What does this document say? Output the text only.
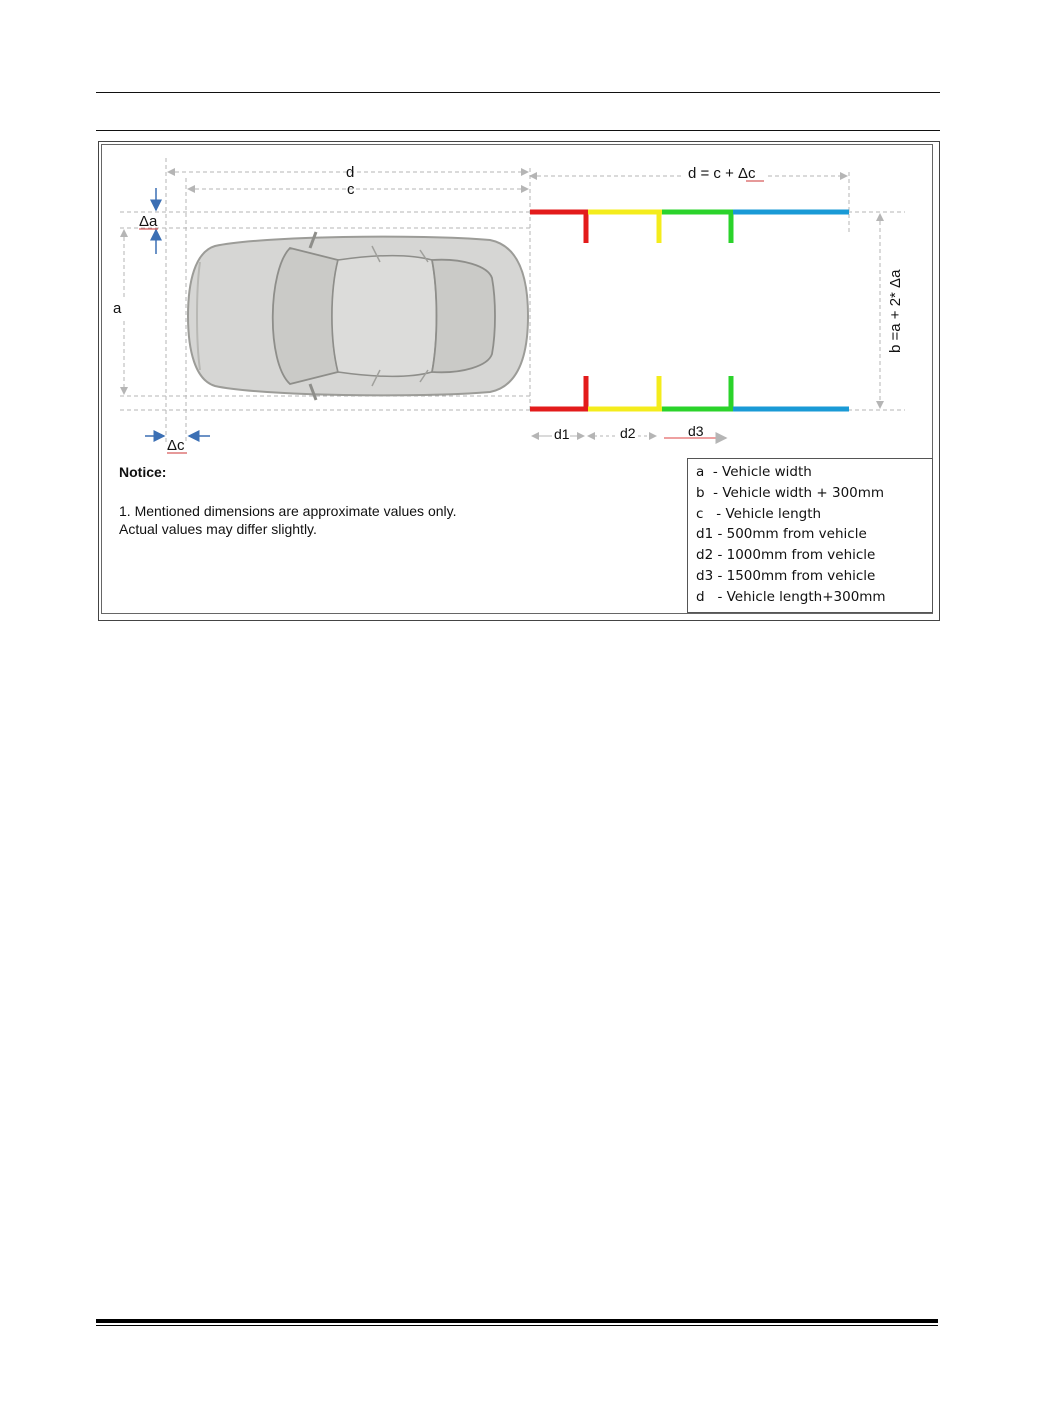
d
c
d = c + Δc
Δa
a
Δc
b =a + 2* Δa
d1	d2	d3
Notice:
1. Mentioned dimensions are approximate values only.
Actual values may differ slightly.
a  - Vehicle width
b  - Vehicle width + 300mm
c   - Vehicle length
d1 - 500mm from vehicle
d2 - 1000mm from vehicle
d3 - 1500mm from vehicle
d   - Vehicle length+300mm
